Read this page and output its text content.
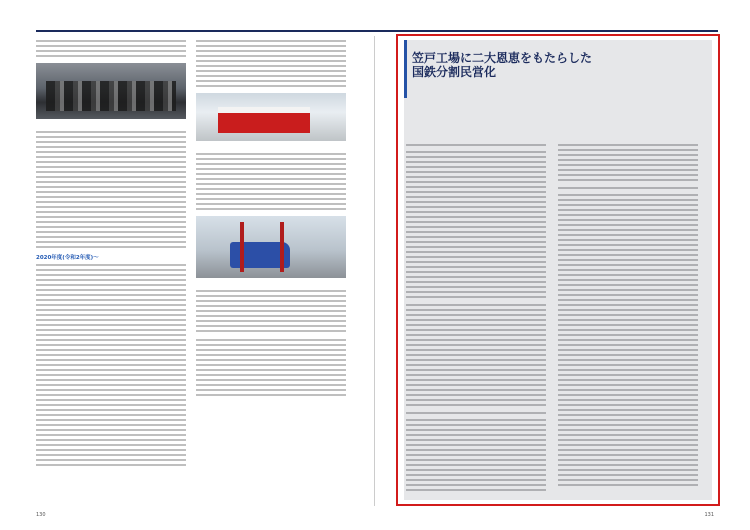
2020年度(令和2年度)〜
130	131
笠戸工場に二大恩恵をもたらした
国鉄分割民営化
